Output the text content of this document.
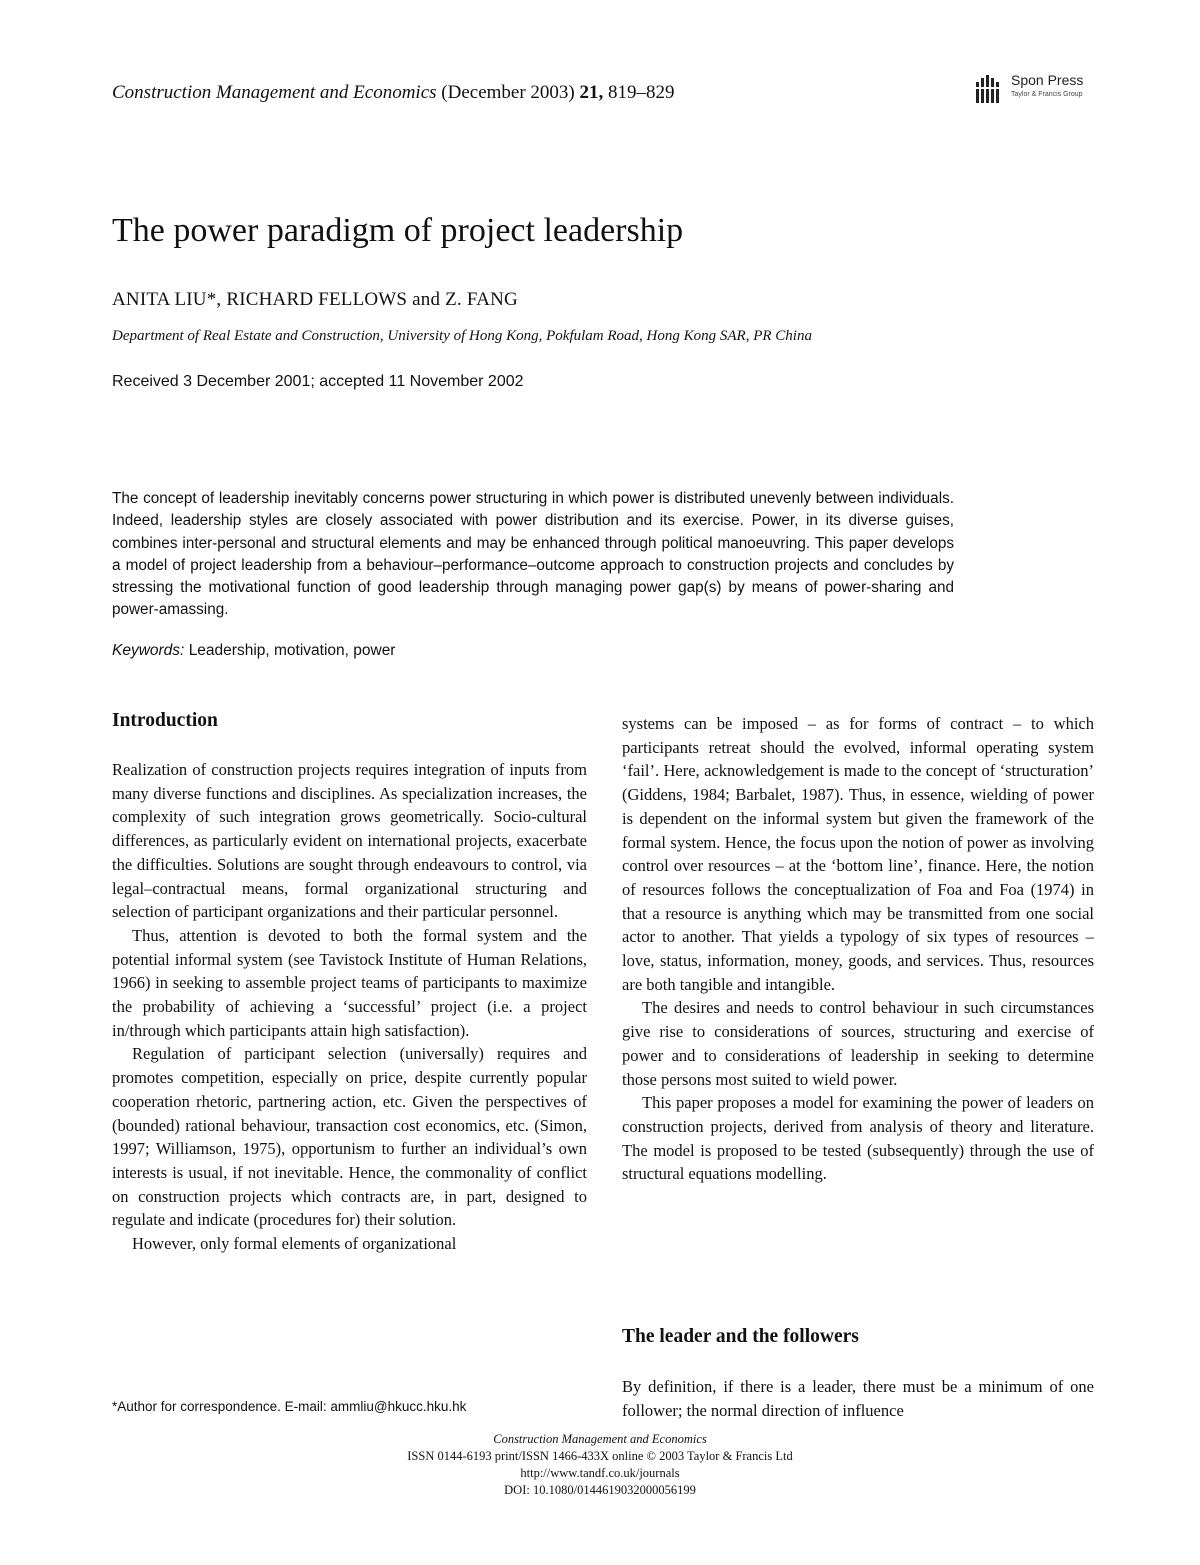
Construction Management and Economics (December 2003) 21, 819–829
Spon Press
Taylor & Francis Group
The power paradigm of project leadership
ANITA LIU*, RICHARD FELLOWS and Z. FANG
Department of Real Estate and Construction, University of Hong Kong, Pokfulam Road, Hong Kong SAR, PR China
Received 3 December 2001; accepted 11 November 2002

The concept of leadership inevitably concerns power structuring in which power is distributed unevenly between individuals. Indeed, leadership styles are closely associated with power distribution and its exercise. Power, in its diverse guises, combines inter-personal and structural elements and may be enhanced through political manoeuvring. This paper develops a model of project leadership from a behaviour–performance–outcome approach to construction projects and concludes by stressing the motivational function of good leadership through managing power gap(s) by means of power-sharing and power-amassing.

Keywords: Leadership, motivation, power
Introduction

Realization of construction projects requires integration of inputs from many diverse functions and disciplines. As specialization increases, the complexity of such integration grows geometrically. Socio-cultural differences, as particularly evident on international projects, exacerbate the difficulties. Solutions are sought through endeavours to control, via legal–contractual means, formal organizational structuring and selection of participant organizations and their particular personnel.

Thus, attention is devoted to both the formal system and the potential informal system (see Tavistock Institute of Human Relations, 1966) in seeking to assemble project teams of participants to maximize the probability of achieving a ‘successful’ project (i.e. a project in/through which participants attain high satisfaction).

Regulation of participant selection (universally) requires and promotes competition, especially on price, despite currently popular cooperation rhetoric, partnering action, etc. Given the perspectives of (bounded) rational behaviour, transaction cost economics, etc. (Simon, 1997; Williamson, 1975), opportunism to further an individual’s own interests is usual, if not inevitable. Hence, the commonality of conflict on construction projects which contracts are, in part, designed to regulate and indicate (procedures for) their solution.

However, only formal elements of organizational

systems can be imposed – as for forms of contract – to which participants retreat should the evolved, informal operating system ‘fail’. Here, acknowledgement is made to the concept of ‘structuration’ (Giddens, 1984; Barbalet, 1987). Thus, in essence, wielding of power is dependent on the informal system but given the framework of the formal system. Hence, the focus upon the notion of power as involving control over resources – at the ‘bottom line’, finance. Here, the notion of resources follows the conceptualization of Foa and Foa (1974) in that a resource is anything which may be transmitted from one social actor to another. That yields a typology of six types of resources – love, status, information, money, goods, and services. Thus, resources are both tangible and intangible.

The desires and needs to control behaviour in such circumstances give rise to considerations of sources, structuring and exercise of power and to considerations of leadership in seeking to determine those persons most suited to wield power.

This paper proposes a model for examining the power of leaders on construction projects, derived from analysis of theory and literature. The model is proposed to be tested (subsequently) through the use of structural equations modelling.

The leader and the followers

By definition, if there is a leader, there must be a minimum of one follower; the normal direction of influence

*Author for correspondence. E-mail: ammliu@hkucc.hku.hk
Construction Management and Economics
ISSN 0144-6193 print/ISSN 1466-433X online © 2003 Taylor & Francis Ltd
http://www.tandf.co.uk/journals
DOI: 10.1080/0144619032000056199
